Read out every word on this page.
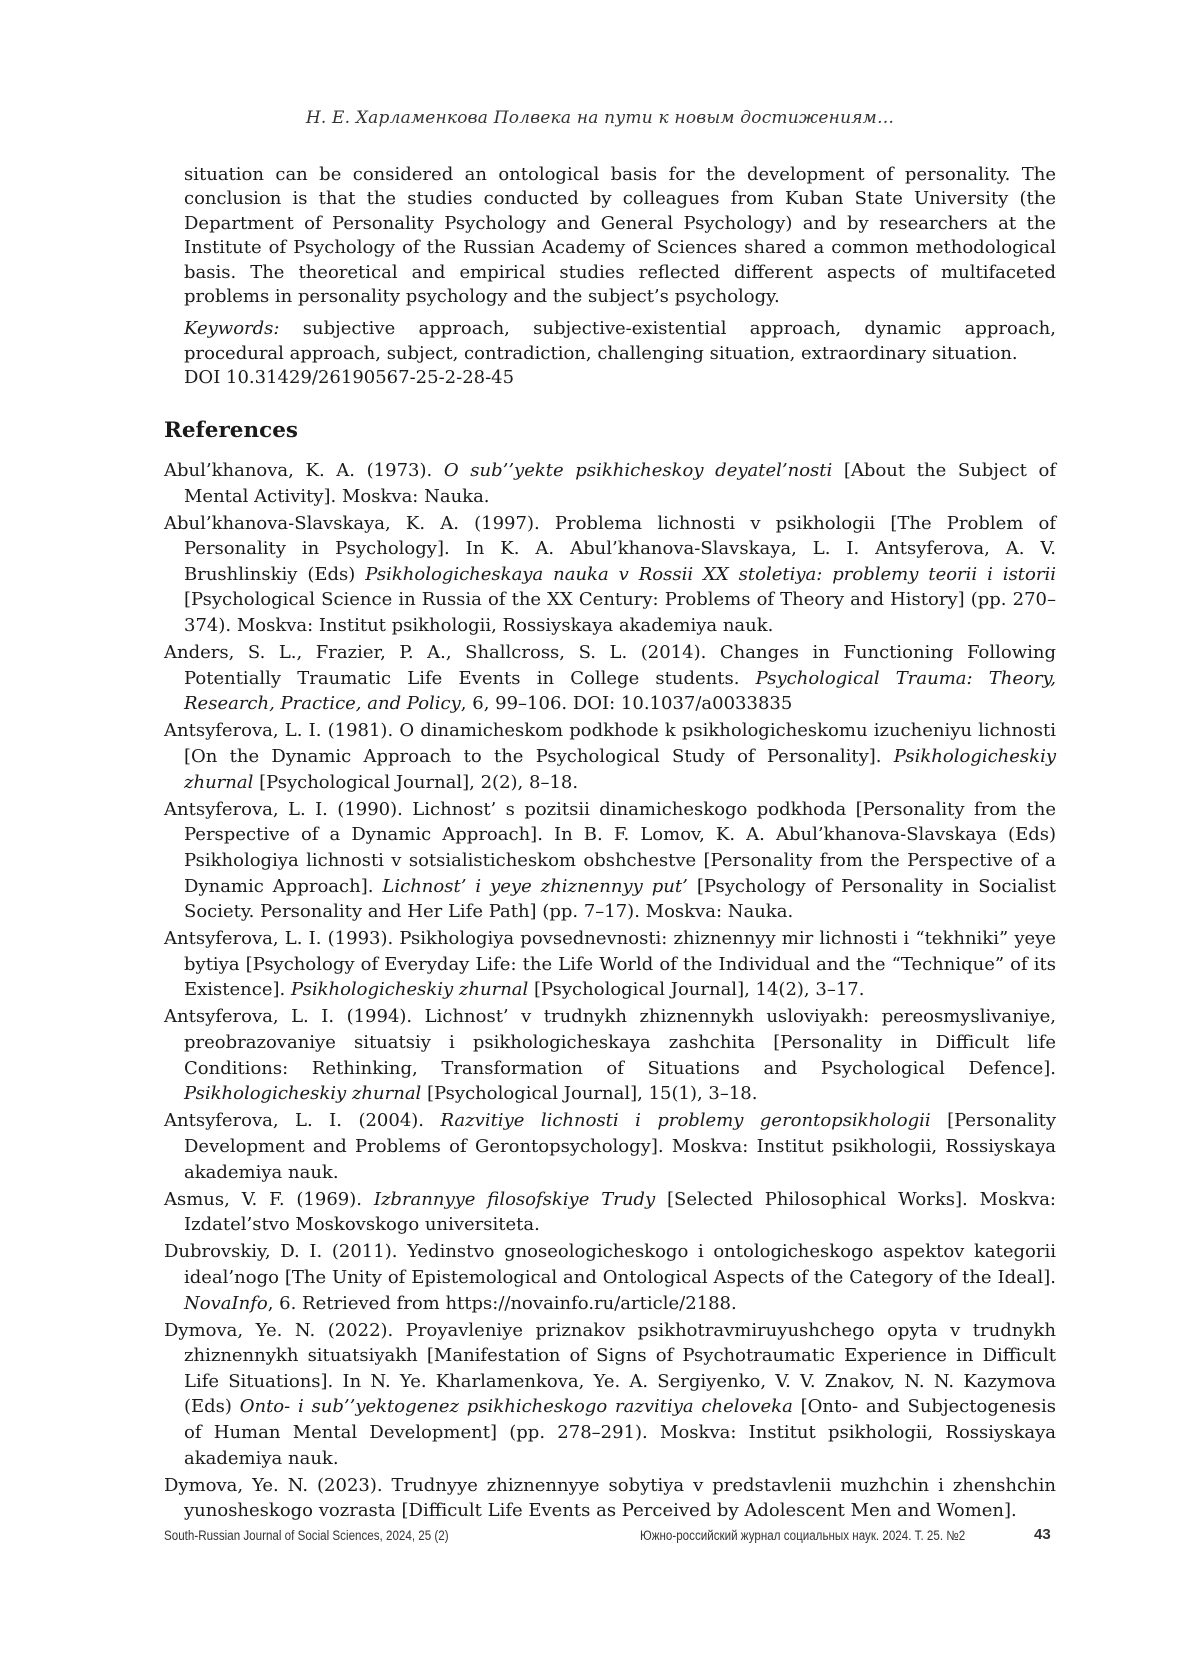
Н. Е. Харламенкова Полвека на пути к новым достижениям…

situation can be considered an ontological basis for the development of personality. The conclusion is that the studies conducted by colleagues from Kuban State University (the Department of Personality Psychology and General Psychology) and by researchers at the Institute of Psychology of the Russian Academy of Sciences shared a common methodological basis. The theoretical and empirical studies reflected different aspects of multifaceted problems in personality psychology and the subject’s psychology.

Keywords: subjective approach, subjective-existential approach, dynamic approach, procedural approach, subject, contradiction, challenging situation, extraordinary situation.

DOI 10.31429/26190567-25-2-28-45

References
Abul’khanova, K. A. (1973). O sub’’yekte psikhicheskoy deyatel’nosti [About the Subject of Mental Activity]. Moskva: Nauka.
Abul’khanova-Slavskaya, K. A. (1997). Problema lichnosti v psikhologii [The Problem of Personality in Psychology]. In K. A. Abul’khanova-Slavskaya, L. I. Antsyferova, A. V. Brushlinskiy (Eds) Psikhologicheskaya nauka v Rossii XX stoletiya: problemy teorii i istorii [Psychological Science in Russia of the XX Century: Problems of Theory and History] (pp. 270–374). Moskva: Institut psikhologii, Rossiyskaya akademiya nauk.
Anders, S. L., Frazier, P. A., Shallcross, S. L. (2014). Changes in Functioning Following Potentially Traumatic Life Events in College students. Psychological Trauma: Theory, Research, Practice, and Policy, 6, 99–106. DOI: 10.1037/a0033835
Antsyferova, L. I. (1981). O dinamicheskom podkhode k psikhologicheskomu izucheniyu lichnosti [On the Dynamic Approach to the Psychological Study of Personality]. Psikhologicheskiy zhurnal [Psychological Journal], 2(2), 8–18.
Antsyferova, L. I. (1990). Lichnost’ s pozitsii dinamicheskogo podkhoda [Personality from the Perspective of a Dynamic Approach]. In B. F. Lomov, K. A. Abul’khanova-Slavskaya (Eds) Psikhologiya lichnosti v sotsialisticheskom obshchestve [Personality from the Perspective of a Dynamic Approach]. Lichnost’ i yeye zhiznennyy put’ [Psychology of Personality in Socialist Society. Personality and Her Life Path] (pp. 7–17). Moskva: Nauka.
Antsyferova, L. I. (1993). Psikhologiya povsednevnosti: zhiznennyy mir lichnosti i “tekhniki” yeye bytiya [Psychology of Everyday Life: the Life World of the Individual and the “Technique” of its Existence]. Psikhologicheskiy zhurnal [Psychological Journal], 14(2), 3–17.
Antsyferova, L. I. (1994). Lichnost’ v trudnykh zhiznennykh usloviyakh: pereosmyslivaniye, preobrazovaniye situatsiy i psikhologicheskaya zashchita [Personality in Difficult life Conditions: Rethinking, Transformation of Situations and Psychological Defence]. Psikhologicheskiy zhurnal [Psychological Journal], 15(1), 3–18.
Antsyferova, L. I. (2004). Razvitiye lichnosti i problemy gerontopsikhologii [Personality Development and Problems of Gerontopsychology]. Moskva: Institut psikhologii, Rossiyskaya akademiya nauk.
Asmus, V. F. (1969). Izbrannyye filosofskiye Trudy [Selected Philosophical Works]. Moskva: Izdatel’stvo Moskovskogo universiteta.
Dubrovskiy, D. I. (2011). Yedinstvo gnoseologicheskogo i ontologicheskogo aspektov kategorii ideal’nogo [The Unity of Epistemological and Ontological Aspects of the Category of the Ideal]. NovaInfo, 6. Retrieved from https://novainfo.ru/article/2188.
Dymova, Ye. N. (2022). Proyavleniye priznakov psikhotravmiruyushchego opyta v trudnykh zhiznennykh situatsiyakh [Manifestation of Signs of Psychotraumatic Experience in Difficult Life Situations]. In N. Ye. Kharlamenkova, Ye. A. Sergiyenko, V. V. Znakov, N. N. Kazymova (Eds) Onto- i sub’’yektogenez psikhicheskogo razvitiya cheloveka [Onto- and Subjectogenesis of Human Mental Development] (pp. 278–291). Moskva: Institut psikhologii, Rossiyskaya akademiya nauk.
Dymova, Ye. N. (2023). Trudnyye zhiznennyye sobytiya v predstavlenii muzhchin i zhenshchin yunosheskogo vozrasta [Difficult Life Events as Perceived by Adolescent Men and Women].
South-Russian Journal of Social Sciences, 2024, 25 (2)	Южно-российский журнал социальных наук. 2024. Т. 25. №2	43
